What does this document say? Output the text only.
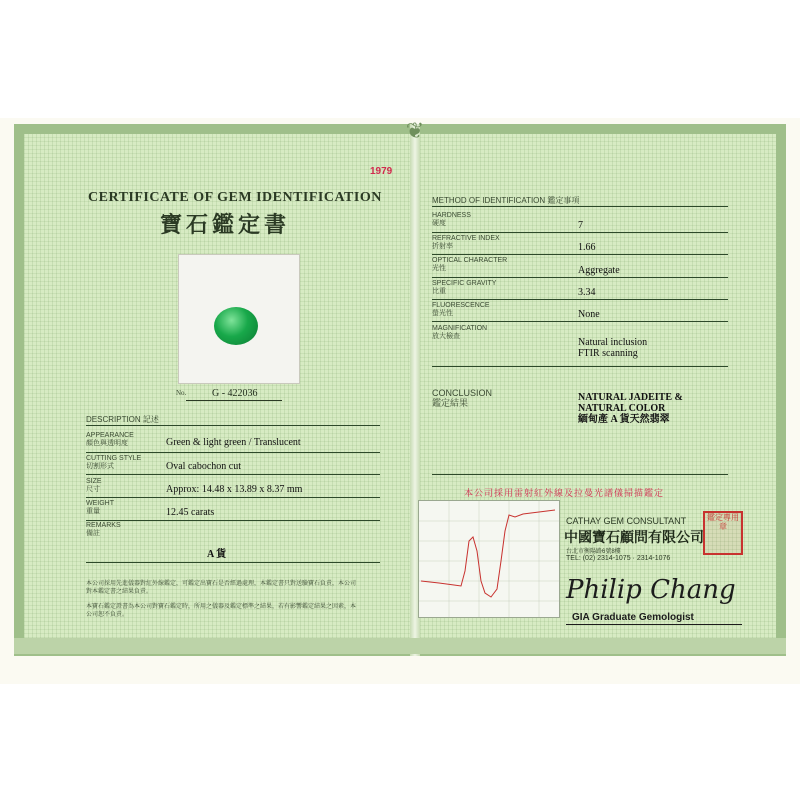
❦
1979
CERTIFICATE OF GEM IDENTIFICATION
寶石鑑定書
No.	G - 422036
DESCRIPTION 記述
APPEARANCE
顏色與透明度	Green & light green / Translucent
CUTTING STYLE
切割形式	Oval cabochon cut
SIZE
尺寸	Approx: 14.48 x 13.89 x 8.37 mm
WEIGHT
重量	12.45 carats
REMARKS
備註
A 貨
本公司採用先進儀器對紅外線鑑定，可鑑定出寶石是否經過處理，本鑑定書只對送驗寶石負責，本公司對本鑑定書之結果負責。
本寶石鑑定證書為本公司對寶石鑑定時，所用之儀器及鑑定標準之結果，若有影響鑑定結果之因素，本公司恕不負責。
METHOD OF IDENTIFICATION 鑑定事項
HARDNESS
硬度	7
REFRACTIVE INDEX
折射率	1.66
OPTICAL CHARACTER
光性	Aggregate
SPECIFIC GRAVITY
比重	3.34
FLUORESCENCE
螢光性	None
MAGNIFICATION
放大檢查
Natural inclusion
FTIR scanning
CONCLUSION
鑑定結果	NATURAL JADEITE &
NATURAL COLOR
緬甸產 A 貨天然翡翠
本公司採用雷射紅外線及拉曼光譜儀掃描鑑定
CATHAY GEM CONSULTANT
中國寶石顧問有限公司
台北市衡陽路6號8樓
TEL: (02) 2314-1075 · 2314-1076
鑑定專用章
Philip Chang
GIA Graduate Gemologist
